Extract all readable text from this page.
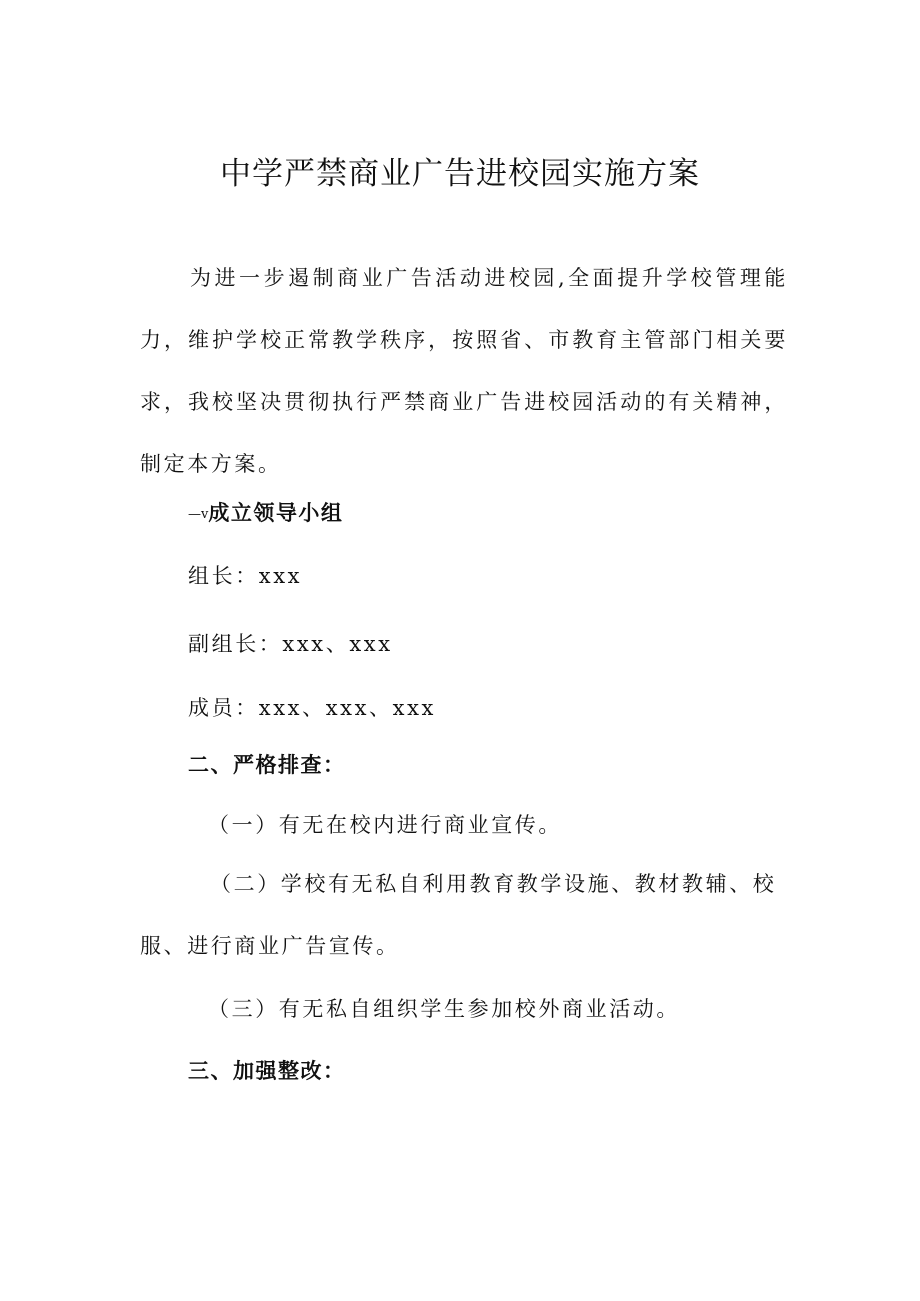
中学严禁商业广告进校园实施方案

为进一步遏制商业广告活动进校园,全面提升学校管理能力，维护学校正常教学秩序，按照省、市教育主管部门相关要求，我校坚决贯彻执行严禁商业广告进校园活动的有关精神，制定本方案。

—v成立领导小组

组长：xxx

副组长：xxx、xxx

成员：xxx、xxx、xxx

二、严格排查：

（一）有无在校内进行商业宣传。

（二）学校有无私自利用教育教学设施、教材教辅、校服、进行商业广告宣传。

（三）有无私自组织学生参加校外商业活动。

三、加强整改：
